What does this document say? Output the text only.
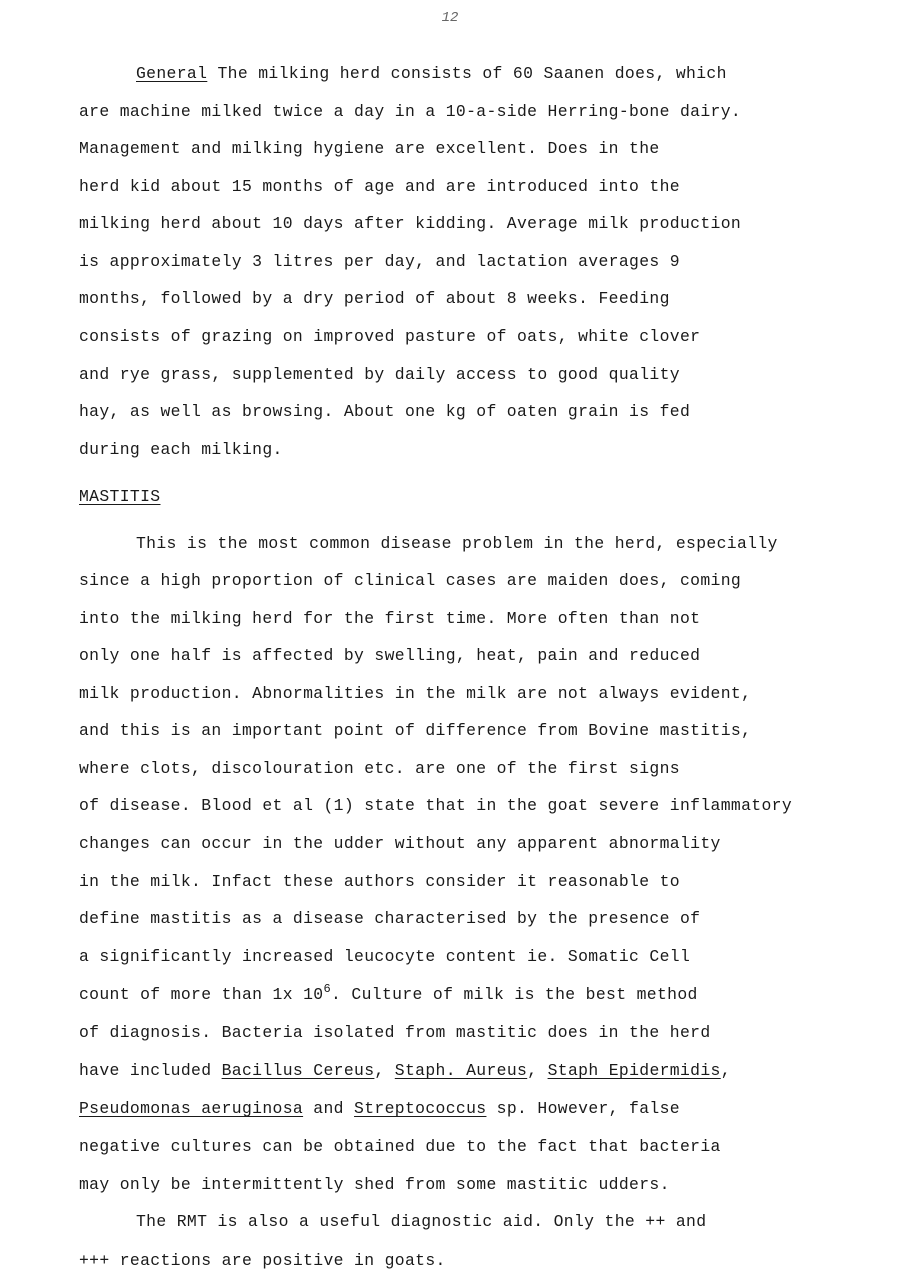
12
General The milking herd consists of 60 Saanen does, which
are machine milked twice a day in a 10-a-side Herring-bone dairy.
Management and milking hygiene are excellent. Does in the
herd kid about 15 months of age and are introduced into the
milking herd about 10 days after kidding. Average milk production
is approximately 3 litres per day, and lactation averages 9
months, followed by a dry period of about 8 weeks. Feeding
consists of grazing on improved pasture of oats, white clover
and rye grass, supplemented by daily access to good quality
hay, as well as browsing. About one kg of oaten grain is fed
during each milking.
MASTITIS
This is the most common disease problem in the herd, especially
since a high proportion of clinical cases are maiden does, coming
into the milking herd for the first time. More often than not
only one half is affected by swelling, heat, pain and reduced
milk production. Abnormalities in the milk are not always evident,
and this is an important point of difference from Bovine mastitis,
where clots, discolouration etc. are one of the first signs
of disease. Blood et al (1) state that in the goat severe inflammatory
changes can occur in the udder without any apparent abnormality
in the milk. Infact these authors consider it reasonable to
define mastitis as a disease characterised by the presence of
a significantly increased leucocyte content ie. Somatic Cell
count of more than 1x $10^6$. Culture of milk is the best method
of diagnosis. Bacteria isolated from mastitic does in the herd
have included Bacillus Cereus, Staph. Aureus, Staph Epidermidis,
Pseudomonas aeruginosa and Streptococcus sp. However, false
negative cultures can be obtained due to the fact that bacteria
may only be intermittently shed from some mastitic udders.
The RMT is also a useful diagnostic aid. Only the ++ and
+++ reactions are positive in goats.
